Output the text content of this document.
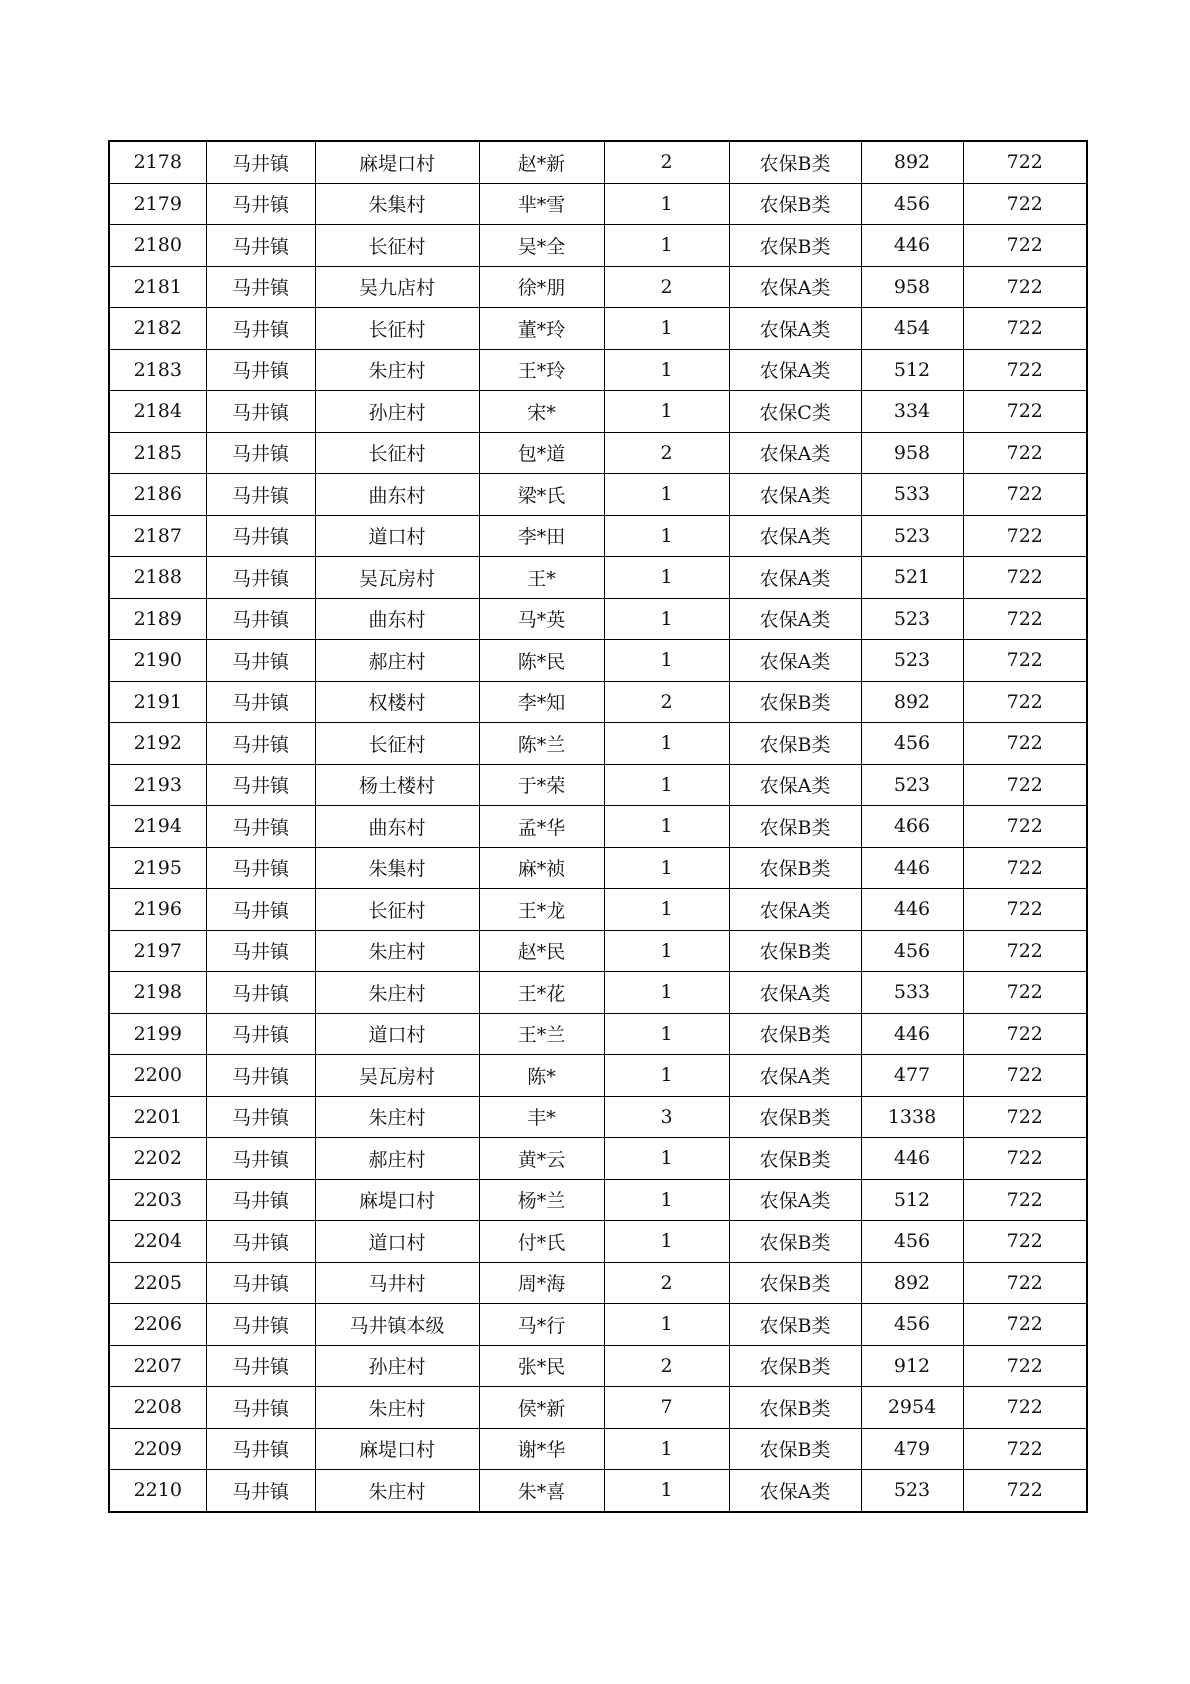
2178	马井镇	麻堤口村	赵*新	2	农保B类	892	722
2179	马井镇	朱集村	芈*雪	1	农保B类	456	722
2180	马井镇	长征村	吴*全	1	农保B类	446	722
2181	马井镇	吴九店村	徐*朋	2	农保A类	958	722
2182	马井镇	长征村	董*玲	1	农保A类	454	722
2183	马井镇	朱庄村	王*玲	1	农保A类	512	722
2184	马井镇	孙庄村	宋*	1	农保C类	334	722
2185	马井镇	长征村	包*道	2	农保A类	958	722
2186	马井镇	曲东村	梁*氏	1	农保A类	533	722
2187	马井镇	道口村	李*田	1	农保A类	523	722
2188	马井镇	吴瓦房村	王*	1	农保A类	521	722
2189	马井镇	曲东村	马*英	1	农保A类	523	722
2190	马井镇	郝庄村	陈*民	1	农保A类	523	722
2191	马井镇	权楼村	李*知	2	农保B类	892	722
2192	马井镇	长征村	陈*兰	1	农保B类	456	722
2193	马井镇	杨土楼村	于*荣	1	农保A类	523	722
2194	马井镇	曲东村	孟*华	1	农保B类	466	722
2195	马井镇	朱集村	麻*祯	1	农保B类	446	722
2196	马井镇	长征村	王*龙	1	农保A类	446	722
2197	马井镇	朱庄村	赵*民	1	农保B类	456	722
2198	马井镇	朱庄村	王*花	1	农保A类	533	722
2199	马井镇	道口村	王*兰	1	农保B类	446	722
2200	马井镇	吴瓦房村	陈*	1	农保A类	477	722
2201	马井镇	朱庄村	丰*	3	农保B类	1338	722
2202	马井镇	郝庄村	黄*云	1	农保B类	446	722
2203	马井镇	麻堤口村	杨*兰	1	农保A类	512	722
2204	马井镇	道口村	付*氏	1	农保B类	456	722
2205	马井镇	马井村	周*海	2	农保B类	892	722
2206	马井镇	马井镇本级	马*行	1	农保B类	456	722
2207	马井镇	孙庄村	张*民	2	农保B类	912	722
2208	马井镇	朱庄村	侯*新	7	农保B类	2954	722
2209	马井镇	麻堤口村	谢*华	1	农保B类	479	722
2210	马井镇	朱庄村	朱*喜	1	农保A类	523	722
